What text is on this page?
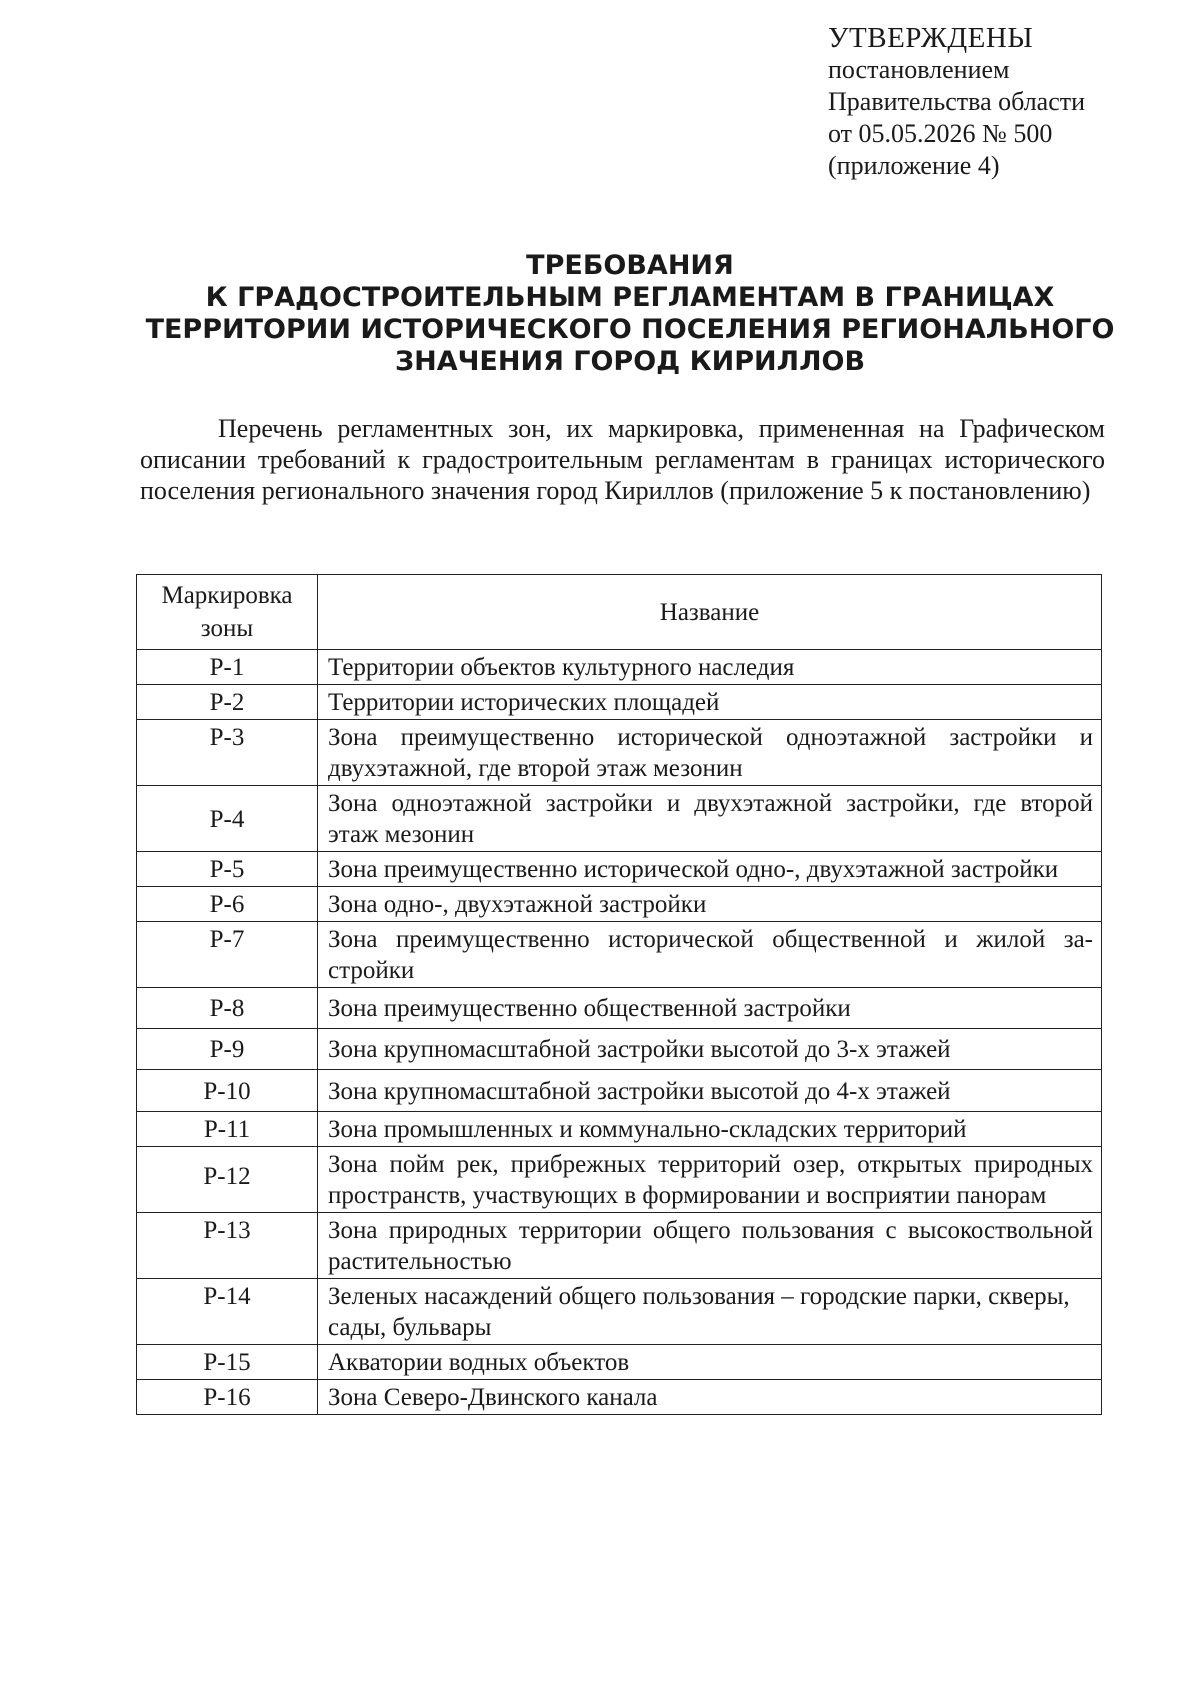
УТВЕРЖДЕНЫ
постановлением
Правительства области
от 05.05.2026 № 500
(приложение 4)
ТРЕБОВАНИЯ
К ГРАДОСТРОИТЕЛЬНЫМ РЕГЛАМЕНТАМ В ГРАНИЦАХ
ТЕРРИТОРИИ ИСТОРИЧЕСКОГО ПОСЕЛЕНИЯ РЕГИОНАЛЬНОГО
ЗНАЧЕНИЯ ГОРОД КИРИЛЛОВ

Перечень регламентных зон, их маркировка, примененная на Графическом описании требований к градостроительным регламентам в границах исторического поселения регионального значения город Кириллов (приложение 5 к постановлению)

Маркировка зоны	Название
Р-1	Территории объектов культурного наследия
Р-2	Территории исторических площадей
Р-3	Зона преимущественно исторической одноэтажной застройки и двухэтажной, где второй этаж мезонин
Р-4	Зона одноэтажной застройки и двухэтажной застройки, где второй этаж мезонин
Р-5	Зона преимущественно исторической одно-, двухэтажной застройки
Р-6	Зона одно-, двухэтажной застройки
Р-7	Зона преимущественно исторической общественной и жилой застройки
Р-8	Зона преимущественно общественной застройки
Р-9	Зона крупномасштабной застройки высотой до 3-х этажей
Р-10	Зона крупномасштабной застройки высотой до 4-х этажей
Р-11	Зона промышленных и коммунально-складских территорий
Р-12	Зона пойм рек, прибрежных территорий озер, открытых природных пространств, участвующих в формировании и восприятии панорам
Р-13	Зона природных территории общего пользования с высокоствольной растительностью
Р-14	Зеленых насаждений общего пользования – городские парки, скверы, сады, бульвары
Р-15	Акватории водных объектов
Р-16	Зона Северо-Двинского канала
